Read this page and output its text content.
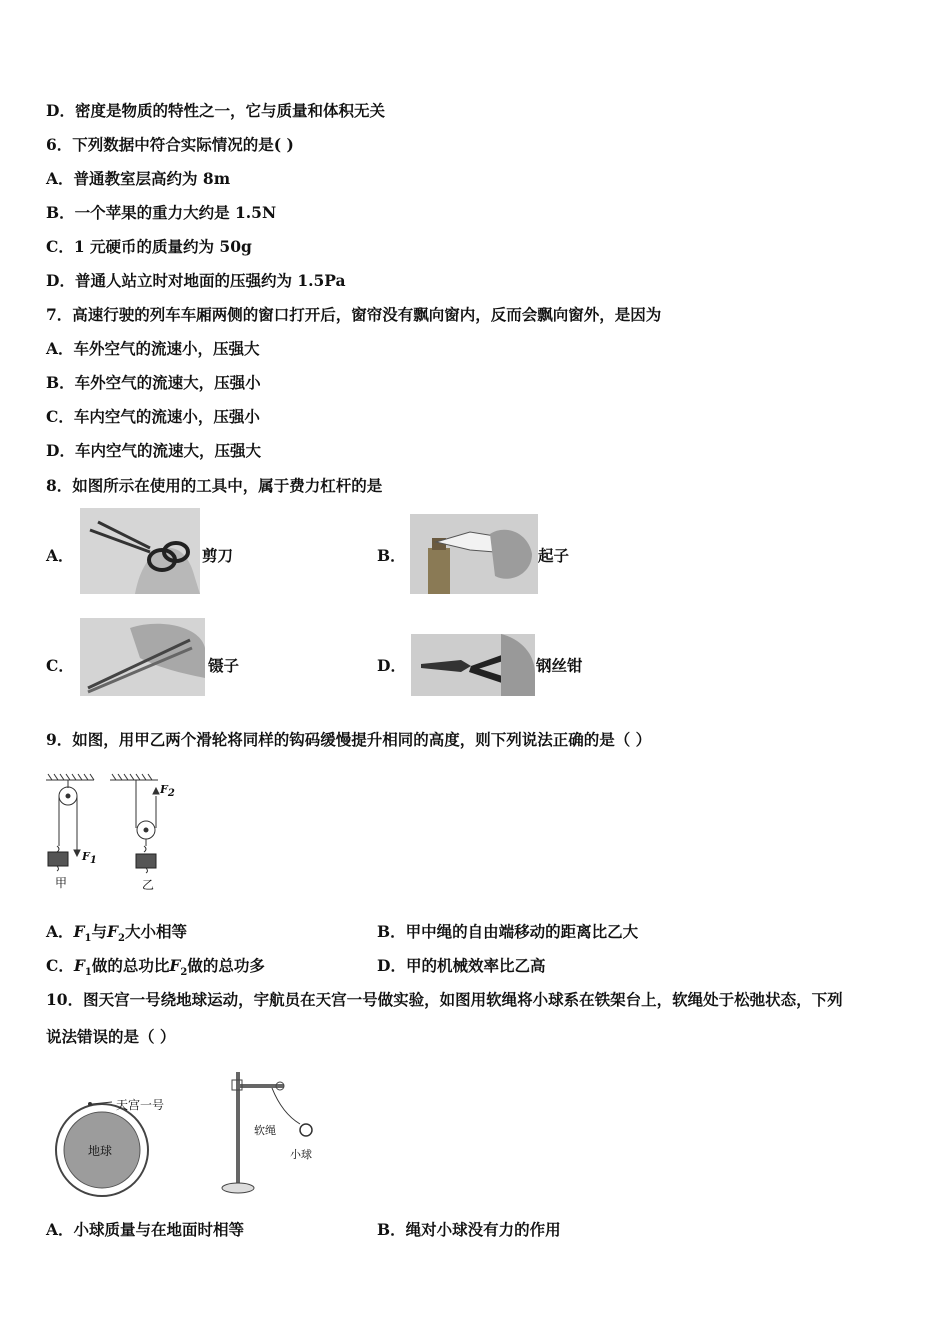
D．密度是物质的特性之一，它与质量和体积无关
6．下列数据中符合实际情况的是( )
A．普通教室层高约为 8m
B．一个苹果的重力大约是 1.5N
C．1 元硬币的质量约为 50g
D．普通人站立时对地面的压强约为 1.5Pa
7．高速行驶的列车车厢两侧的窗口打开后，窗帘没有飘向窗内，反而会飘向窗外，是因为
A．车外空气的流速小，压强大
B．车外空气的流速大，压强小
C．车内空气的流速小，压强小
D．车内空气的流速大，压强大
8．如图所示在使用的工具中，属于费力杠杆的是
A．	剪刀	B．	起子
C．	镊子	D．	钢丝钳
9．如图，用甲乙两个滑轮将同样的钩码缓慢提升相同的高度，则下列说法正确的是（ ）
$F_1$
$F_2$
甲	乙
A．$F_1$与$F_2$大小相等	B．甲中绳的自由端移动的距离比乙大
C．$F_1$做的总功比$F_2$做的总功多	D．甲的机械效率比乙高
10．图天宫一号绕地球运动，宇航员在天宫一号做实验，如图用软绳将小球系在铁架台上，软绳处于松弛状态，下列
说法错误的是（ ）
天宫一号
地球
软绳
小球
A．小球质量与在地面时相等	B．绳对小球没有力的作用
